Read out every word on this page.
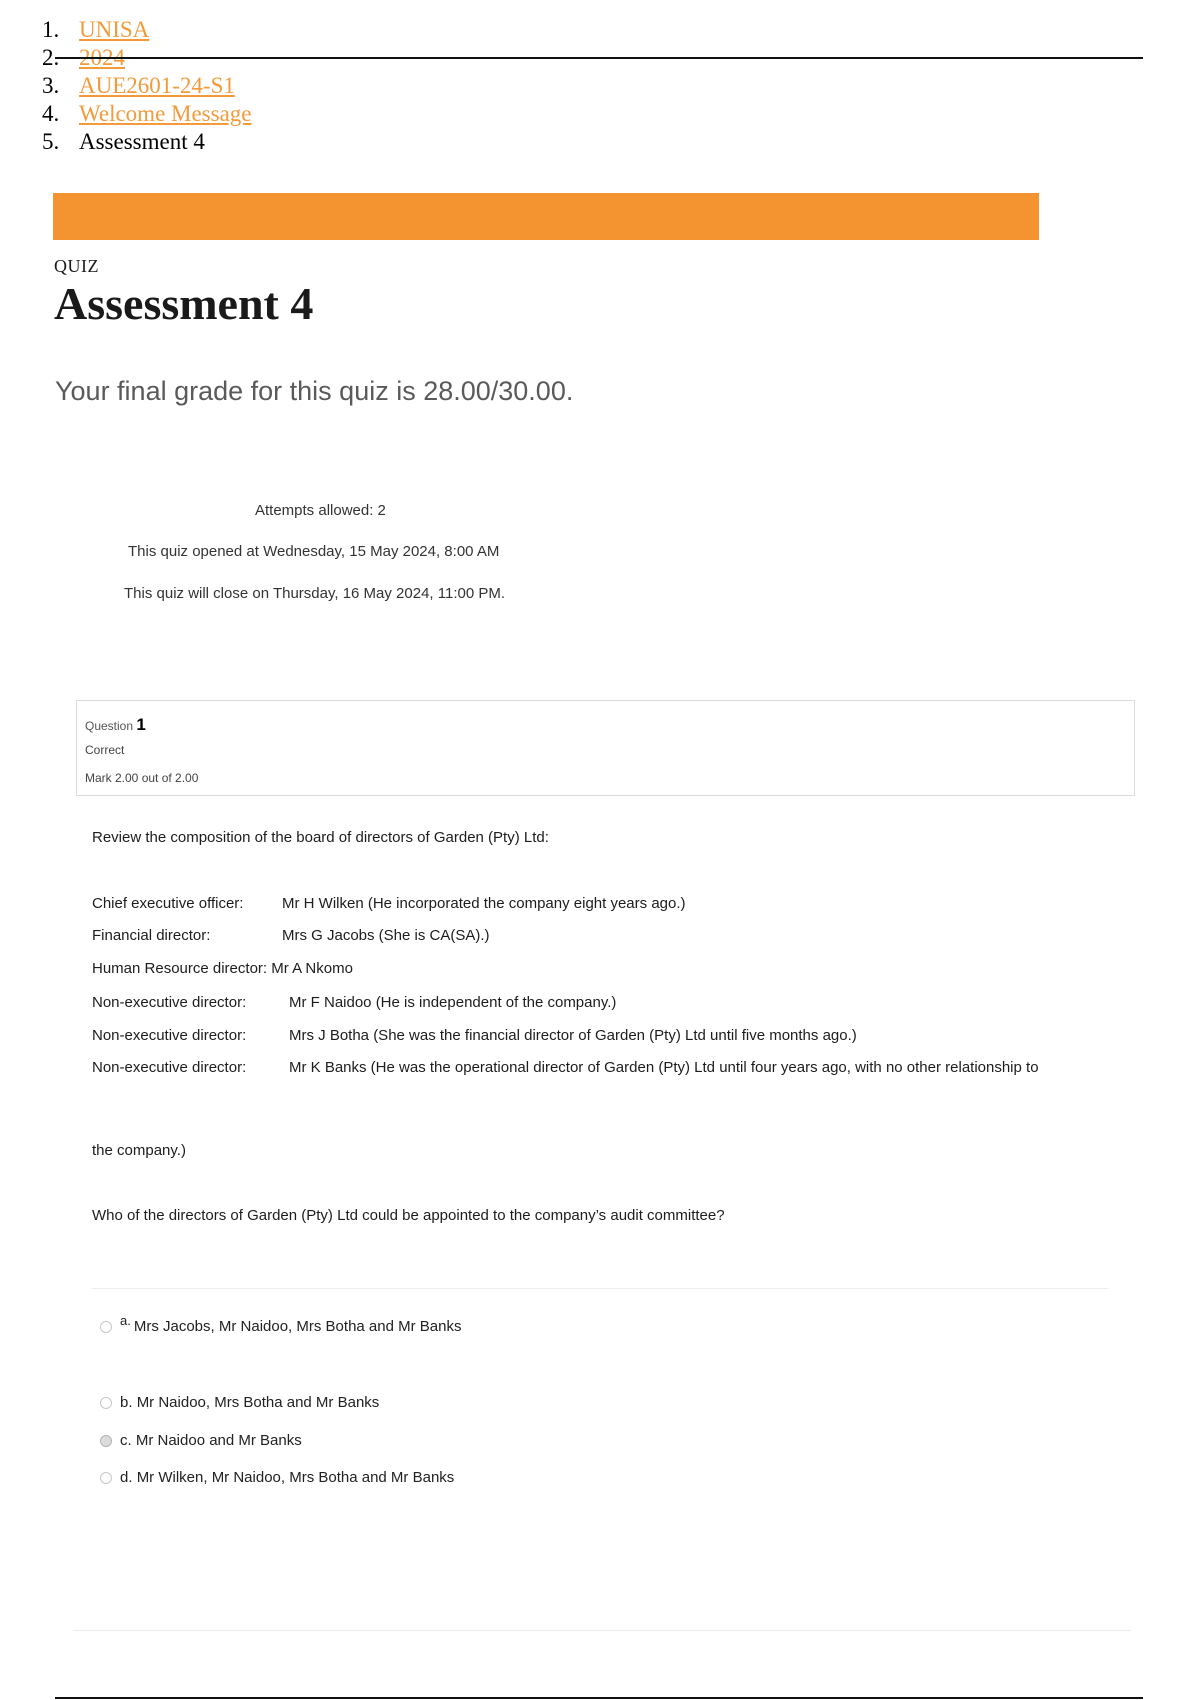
1. UNISA
2. 2024
3. AUE2601-24-S1
4. Welcome Message
5. Assessment 4
QUIZ
Assessment 4
Your final grade for this quiz is 28.00/30.00.
Attempts allowed: 2
This quiz opened at Wednesday, 15 May 2024, 8:00 AM
This quiz will close on Thursday, 16 May 2024, 11:00 PM.
Question 1
Correct
Mark 2.00 out of 2.00
Review the composition of the board of directors of Garden (Pty) Ltd:
Chief executive officer:	Mr H Wilken (He incorporated the company eight years ago.)
Financial director:	Mrs G Jacobs (She is CA(SA).)
Human Resource director: Mr A Nkomo
Non-executive director:	Mr F Naidoo (He is independent of the company.)
Non-executive director:	Mrs J Botha (She was the financial director of Garden (Pty) Ltd until five months ago.)
Non-executive director:	Mr K Banks (He was the operational director of Garden (Pty) Ltd until four years ago, with no other relationship to
the company.)
Who of the directors of Garden (Pty) Ltd could be appointed to the company’s audit committee?
a. Mrs Jacobs, Mr Naidoo, Mrs Botha and Mr Banks
b. Mr Naidoo, Mrs Botha and Mr Banks
c. Mr Naidoo and Mr Banks
d. Mr Wilken, Mr Naidoo, Mrs Botha and Mr Banks
